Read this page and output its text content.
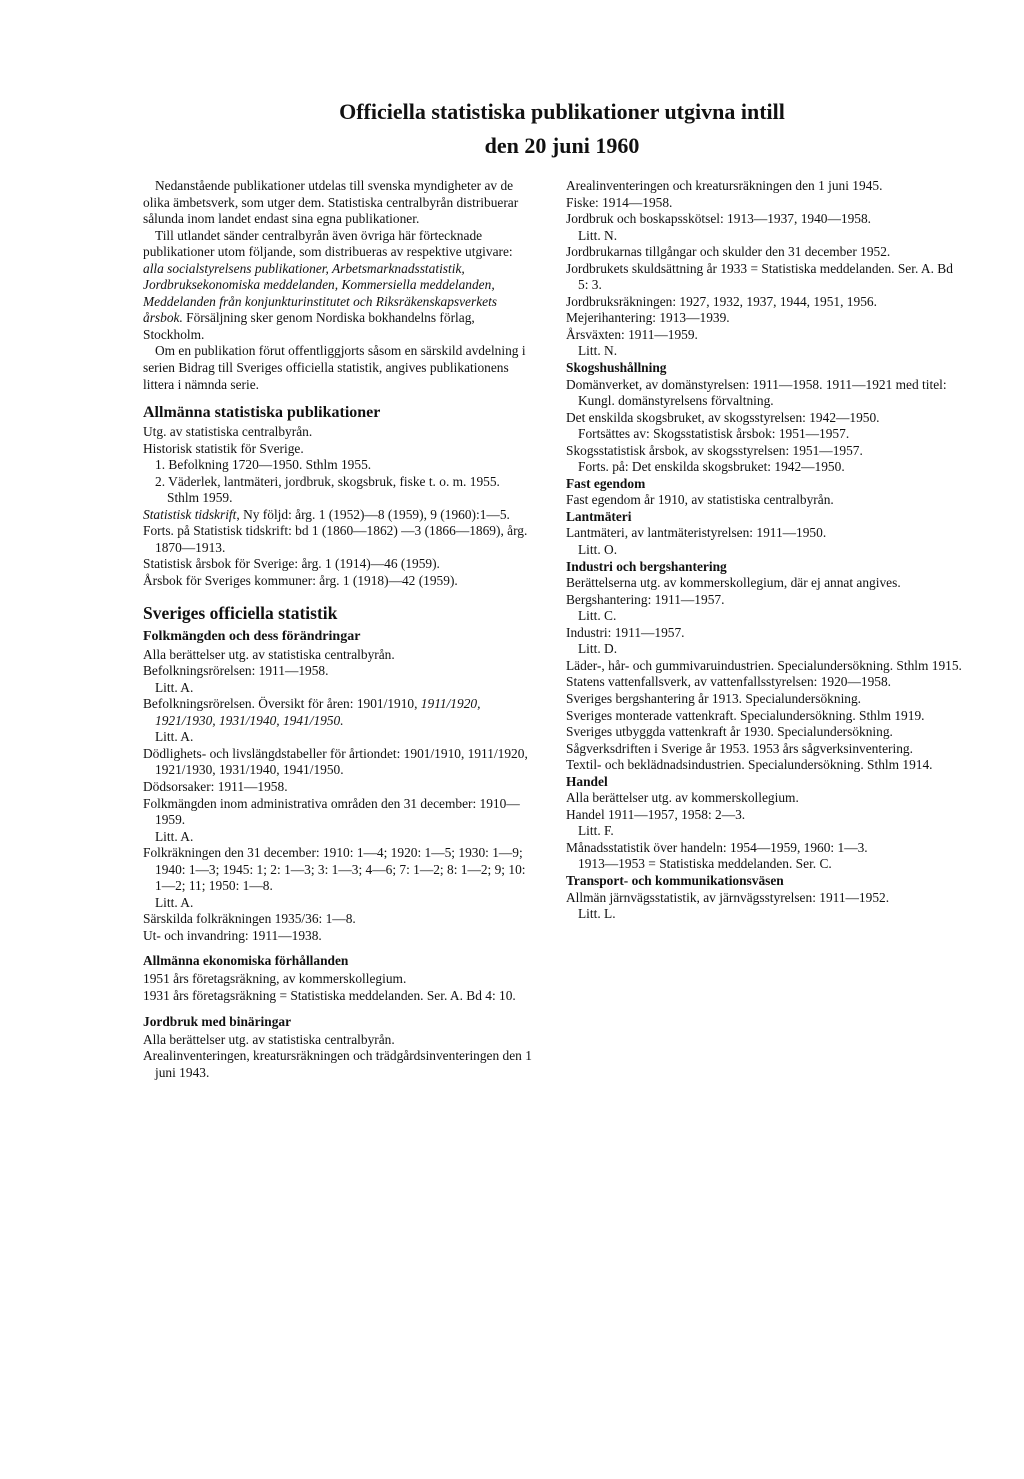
Officiella statistiska publikationer utgivna intill
den 20 juni 1960

Nedanstående publikationer utdelas till svenska myndigheter av de olika ämbetsverk, som utger dem. Statistiska centralbyrån distribuerar sålunda inom landet endast sina egna publikationer.

Till utlandet sänder centralbyrån även övriga här förtecknade publikationer utom följande, som distribueras av respektive utgivare: alla socialstyrelsens publikationer, Arbetsmarknadsstatistik, Jordbruksekonomiska meddelanden, Kommersiella meddelanden, Meddelanden från konjunkturinstitutet och Riksräkenskapsverkets årsbok. Försäljning sker genom Nordiska bokhandelns förlag, Stockholm.

Om en publikation förut offentliggjorts såsom en särskild avdelning i serien Bidrag till Sveriges officiella statistik, angives publikationens littera i nämnda serie.

Allmänna statistiska publikationer

Utg. av statistiska centralbyrån.

Historisk statistik för Sverige.

1. Befolkning 1720—1950. Sthlm 1955.

2. Väderlek, lantmäteri, jordbruk, skogsbruk, fiske t. o. m. 1955. Sthlm 1959.

Statistisk tidskrift, Ny följd: årg. 1 (1952)—8 (1959), 9 (1960):1—5.

Forts. på Statistisk tidskrift: bd 1 (1860—1862) —3 (1866—1869), årg. 1870—1913.

Statistisk årsbok för Sverige: årg. 1 (1914)—46 (1959).

Årsbok för Sveriges kommuner: årg. 1 (1918)—42 (1959).

Sveriges officiella statistik
Folkmängden och dess förändringar

Alla berättelser utg. av statistiska centralbyrån.

Befolkningsrörelsen: 1911—1958.

Litt. A.

Befolkningsrörelsen. Översikt för åren: 1901/1910, 1911/1920, 1921/1930, 1931/1940, 1941/1950.

Litt. A.

Dödlighets- och livslängdstabeller för årtiondet: 1901/1910, 1911/1920, 1921/1930, 1931/1940, 1941/1950.

Dödsorsaker: 1911—1958.

Folkmängden inom administrativa områden den 31 december: 1910—1959.

Litt. A.

Folkräkningen den 31 december: 1910: 1—4; 1920: 1—5; 1930: 1—9; 1940: 1—3; 1945: 1; 2: 1—3; 3: 1—3; 4—6; 7: 1—2; 8: 1—2; 9; 10: 1—2; 11; 1950: 1—8.

Litt. A.

Särskilda folkräkningen 1935/36: 1—8.

Ut- och invandring: 1911—1938.

Allmänna ekonomiska förhållanden

1951 års företagsräkning, av kommerskollegium.

1931 års företagsräkning = Statistiska meddelanden. Ser. A. Bd 4: 10.

Jordbruk med binäringar

Alla berättelser utg. av statistiska centralbyrån.

Arealinventeringen, kreatursräkningen och trädgårdsinventeringen den 1 juni 1943.

Arealinventeringen och kreatursräkningen den 1 juni 1945.

Fiske: 1914—1958.

Jordbruk och boskapsskötsel: 1913—1937, 1940—1958.

Litt. N.

Jordbrukarnas tillgångar och skulder den 31 december 1952.

Jordbrukets skuldsättning år 1933 = Statistiska meddelanden. Ser. A. Bd 5: 3.

Jordbruksräkningen: 1927, 1932, 1937, 1944, 1951, 1956.

Mejerihantering: 1913—1939.

Årsväxten: 1911—1959.

Litt. N.

Skogshushållning

Domänverket, av domänstyrelsen: 1911—1958. 1911—1921 med titel: Kungl. domänstyrelsens förvaltning.

Det enskilda skogsbruket, av skogsstyrelsen: 1942—1950.

Fortsättes av: Skogsstatistisk årsbok: 1951—1957.

Skogsstatistisk årsbok, av skogsstyrelsen: 1951—1957.

Forts. på: Det enskilda skogsbruket: 1942—1950.

Fast egendom

Fast egendom år 1910, av statistiska centralbyrån.

Lantmäteri

Lantmäteri, av lantmäteristyrelsen: 1911—1950.

Litt. O.

Industri och bergshantering

Berättelserna utg. av kommerskollegium, där ej annat angives.

Bergshantering: 1911—1957.

Litt. C.

Industri: 1911—1957.

Litt. D.

Läder-, hår- och gummivaruindustrien. Specialundersökning. Sthlm 1915.

Statens vattenfallsverk, av vattenfallsstyrelsen: 1920—1958.

Sveriges bergshantering år 1913. Specialundersökning.

Sveriges monterade vattenkraft. Specialundersökning. Sthlm 1919.

Sveriges utbyggda vattenkraft år 1930. Specialundersökning.

Sågverksdriften i Sverige år 1953. 1953 års sågverksinventering.

Textil- och beklädnadsindustrien. Specialundersökning. Sthlm 1914.

Handel

Alla berättelser utg. av kommerskollegium.

Handel 1911—1957, 1958: 2—3.

Litt. F.

Månadsstatistik över handeln: 1954—1959, 1960: 1—3.

1913—1953 = Statistiska meddelanden. Ser. C.

Transport- och kommunikationsväsen

Allmän järnvägsstatistik, av järnvägsstyrelsen: 1911—1952.

Litt. L.
